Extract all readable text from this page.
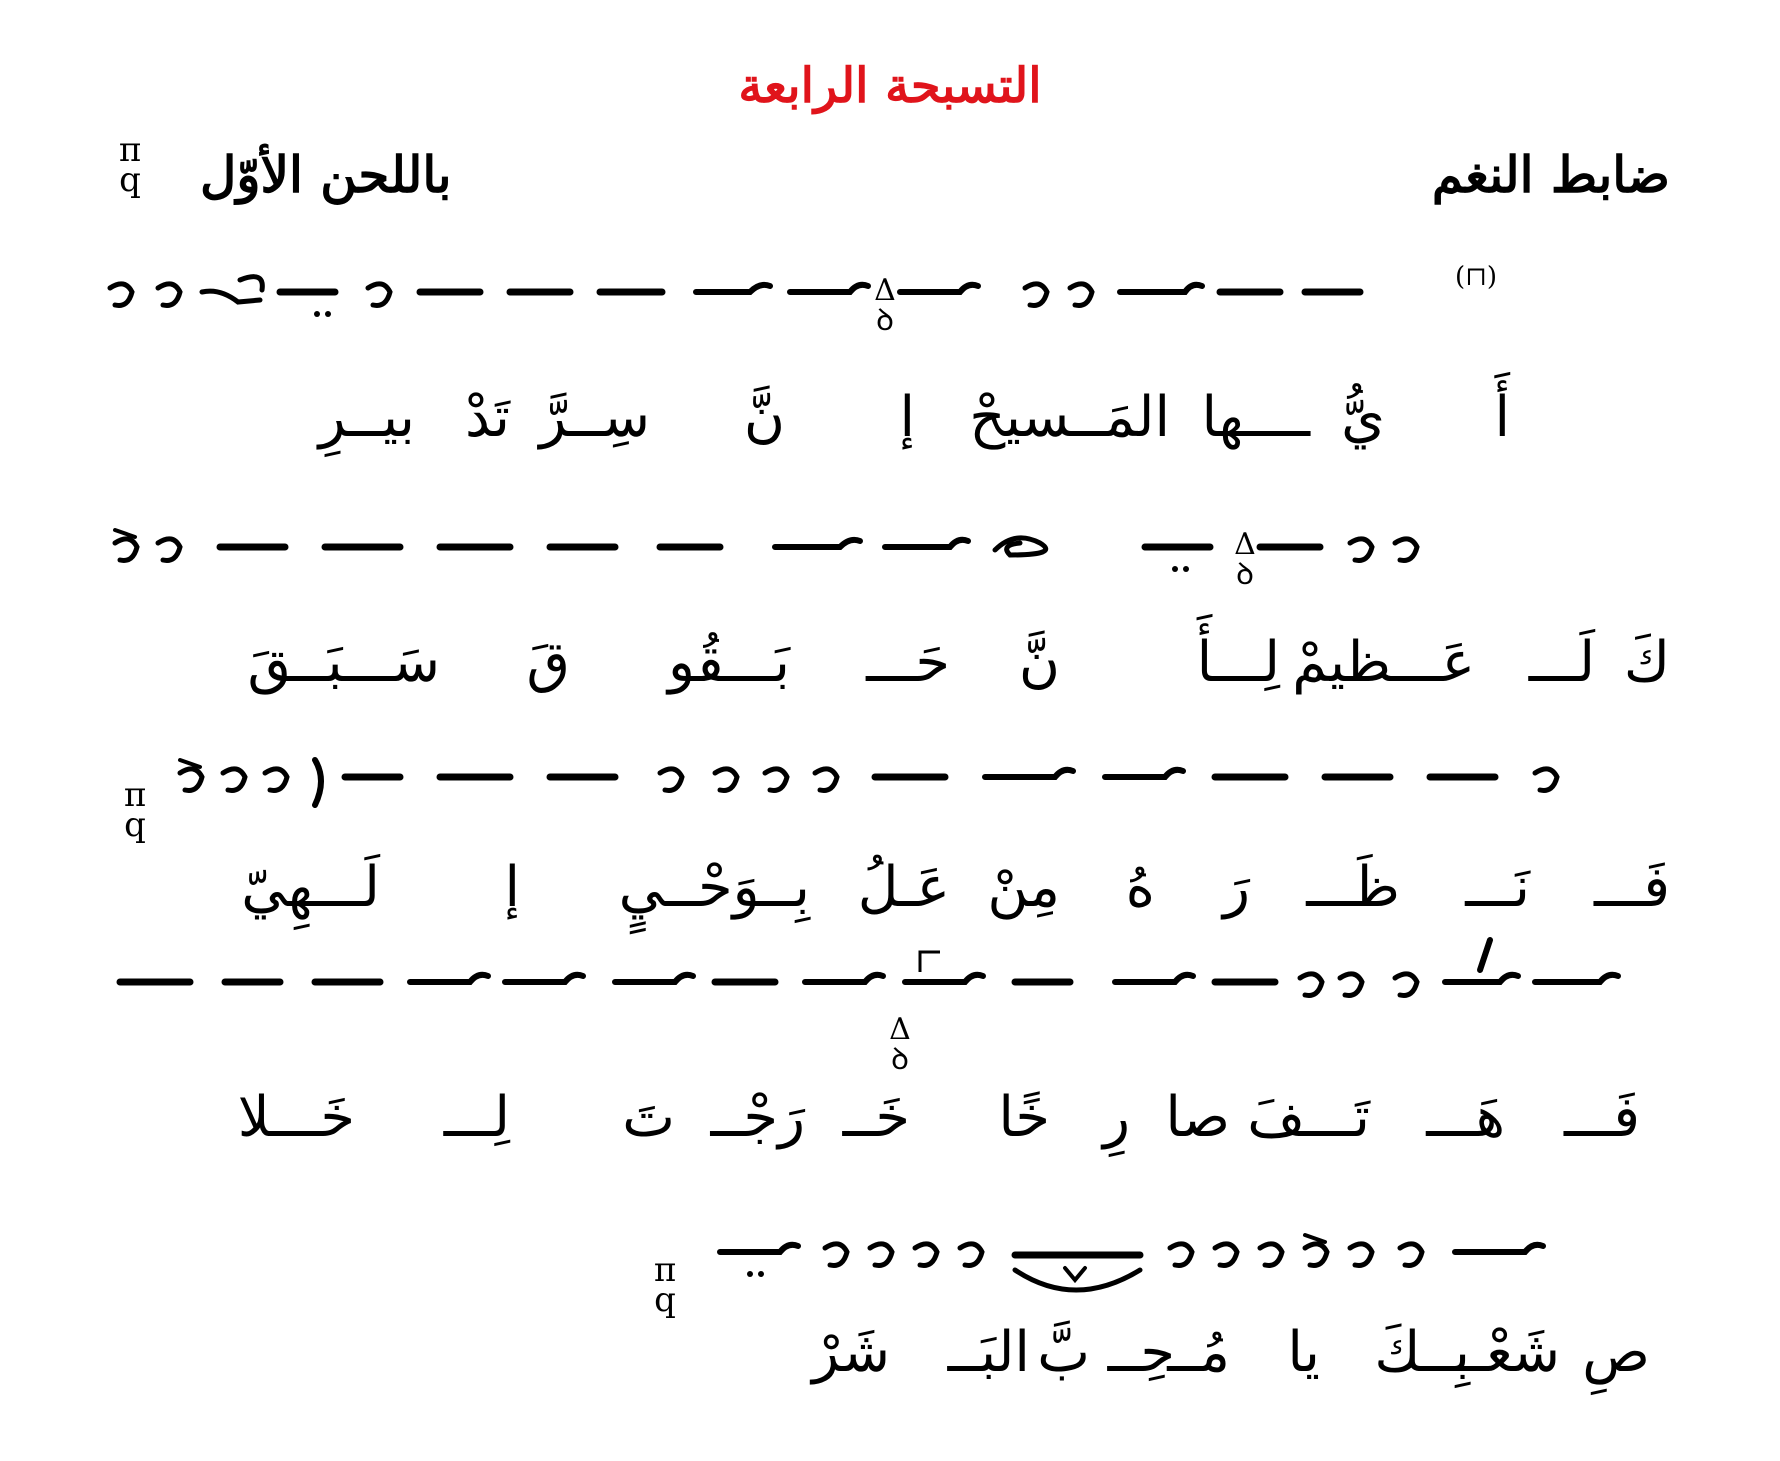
التسبحة الرابعة
π
q باللحن الأوّل	ضابط النغم
(⊓)
Δ
ꝺ
أَ
يُّ
ــــها
المَــسيحْ
إ
نَّ
سِــرَّ
تَدْ
بيــرِ
Δ
ꝺ
كَ
لَـــ
عَـــظيمْ
لِـــأَ
نَّ
حَـــ
بَـــقُو
قَ
سَـــبَــقَ
π
q
فَـــ
نَـــ
ظَـــ
رَ
هُ
مِنْ
عَـلُ
بِــوَحْــيٍ
إ
لَـــهِيّ
Δ
ꝺ
فَـــ
هَـــ
تَـــفَ
صا
رِ
خًا
خَــ
رَجْــ
تَ
لِـــ
خَـــلا
π
q
صِ
شَعْــ
بِــكَ
يا
مُــ
حِــ
بَّ
البَــ
شَرْ
